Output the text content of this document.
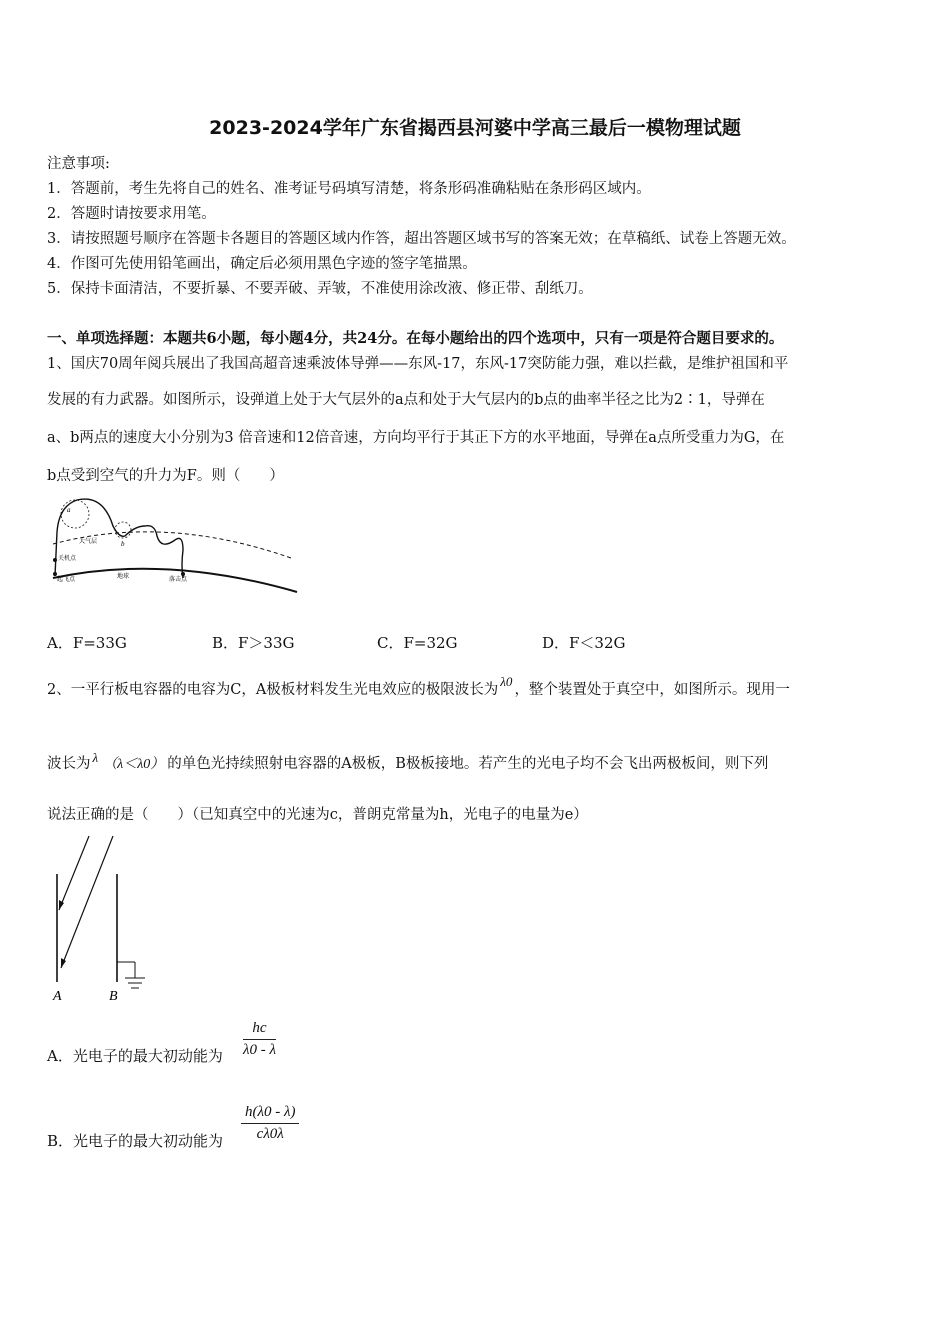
2023-2024学年广东省揭西县河婆中学高三最后一模物理试题
注意事项:
1．答题前，考生先将自己的姓名、准考证号码填写清楚，将条形码准确粘贴在条形码区域内。
2．答题时请按要求用笔。
3．请按照题号顺序在答题卡各题目的答题区域内作答，超出答题区域书写的答案无效；在草稿纸、试卷上答题无效。
4．作图可先使用铅笔画出，确定后必须用黑色字迹的签字笔描黑。
5．保持卡面清洁，不要折暴、不要弄破、弄皱，不准使用涂改液、修正带、刮纸刀。
一、单项选择题：本题共6小题，每小题4分，共24分。在每小题给出的四个选项中，只有一项是符合题目要求的。
1、国庆70周年阅兵展出了我国高超音速乘波体导弹——东风-17，东风-17突防能力强，难以拦截，是维护祖国和平
发展的有力武器。如图所示，设弹道上处于大气层外的a点和处于大气层内的b点的曲率半径之比为2∶1，导弹在
a、b两点的速度大小分别为3 倍音速和12倍音速，方向均平行于其正下方的水平地面，导弹在a点所受重力为G，在
b点受到空气的升力为F。则（　　）
a
b
大气层
关机点
起飞点	地球	落击点
A．F=33G	B．F＞33G	C．F=32G	D．F＜32G
2、一平行板电容器的电容为C，A极板材料发生光电效应的极限波长为λ0，整个装置处于真空中，如图所示。现用一
波长为 λ （λ＜λ0） 的单色光持续照射电容器的A极板，B极板接地。若产生的光电子均不会飞出两极板间，则下列
说法正确的是（　　）（已知真空中的光速为c，普朗克常量为h，光电子的电量为e）
A	B
A．光电子的最大初动能为 $\frac{hc}{\lambda 0 - \lambda}$
B．光电子的最大初动能为 $\frac{h(\lambda 0 - \lambda)}{c\lambda 0\lambda}$
